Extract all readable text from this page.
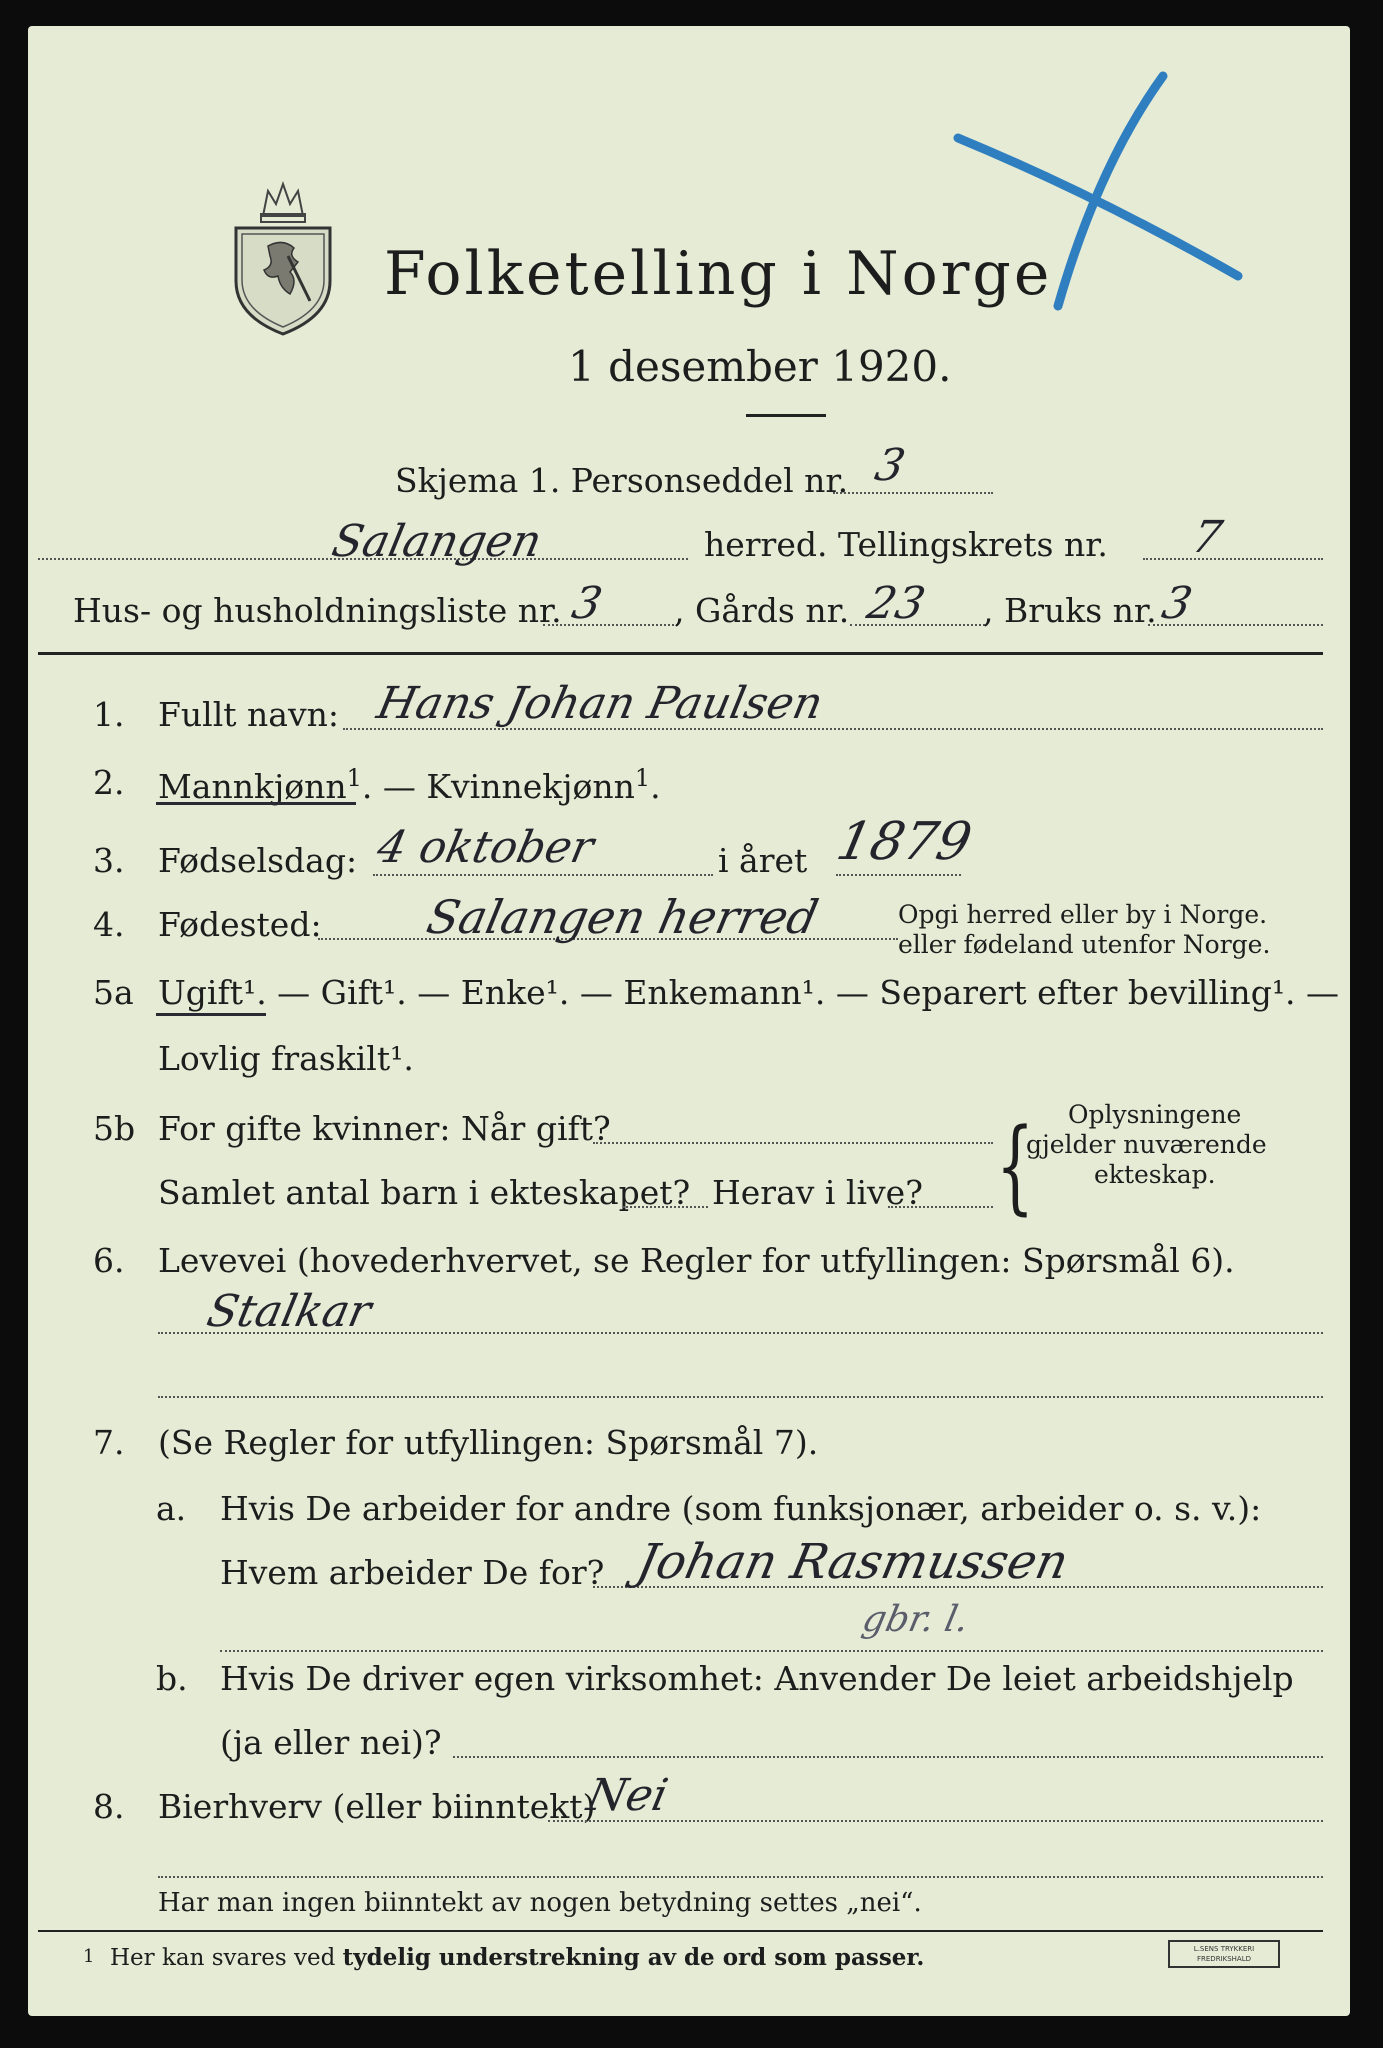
Folketelling i Norge
1 desember 1920.
Skjema 1. Personseddel nr. 3
Salangen	herred. Tellingskrets nr. 7
Hus- og husholdningsliste nr. 3 , Gårds nr. 23 , Bruks nr. 3
1. Fullt navn: Hans Johan Paulsen
2. Mannkjønn$^1$. — Kvinnekjønn$^1$.
3. Fødselsdag: 4 oktober	i året 1879
4. Fødested: Salangen herred	Opgi herred eller by i Norge.
eller fødeland utenfor Norge.
5a Ugift¹. — Gift¹. — Enke¹. — Enkemann¹. — Separert efter bevilling¹. —
Lovlig fraskilt¹.
5b For gifte kvinner: Når gift?
Samlet antal barn i ekteskapet? Herav i live? { Oplysningene
gjelder nuværende
ekteskap.
6. Levevei (hovederhvervet, se Regler for utfyllingen: Spørsmål 6).
Stalkar
7. (Se Regler for utfyllingen: Spørsmål 7).
a. Hvis De arbeider for andre (som funksjonær, arbeider o. s. v.):
Hvem arbeider De for? Johan Rasmussen
gbr. l.
b. Hvis De driver egen virksomhet: Anvender De leiet arbeidshjelp
(ja eller nei)?
8. Bierhverv (eller biinntekt)
Nei
Har man ingen biinntekt av nogen betydning settes „nei“.
1 Her kan svares ved tydelig understrekning av de ord som passer.	L.SENS TRYKKERI
FREDRIKSHALD
